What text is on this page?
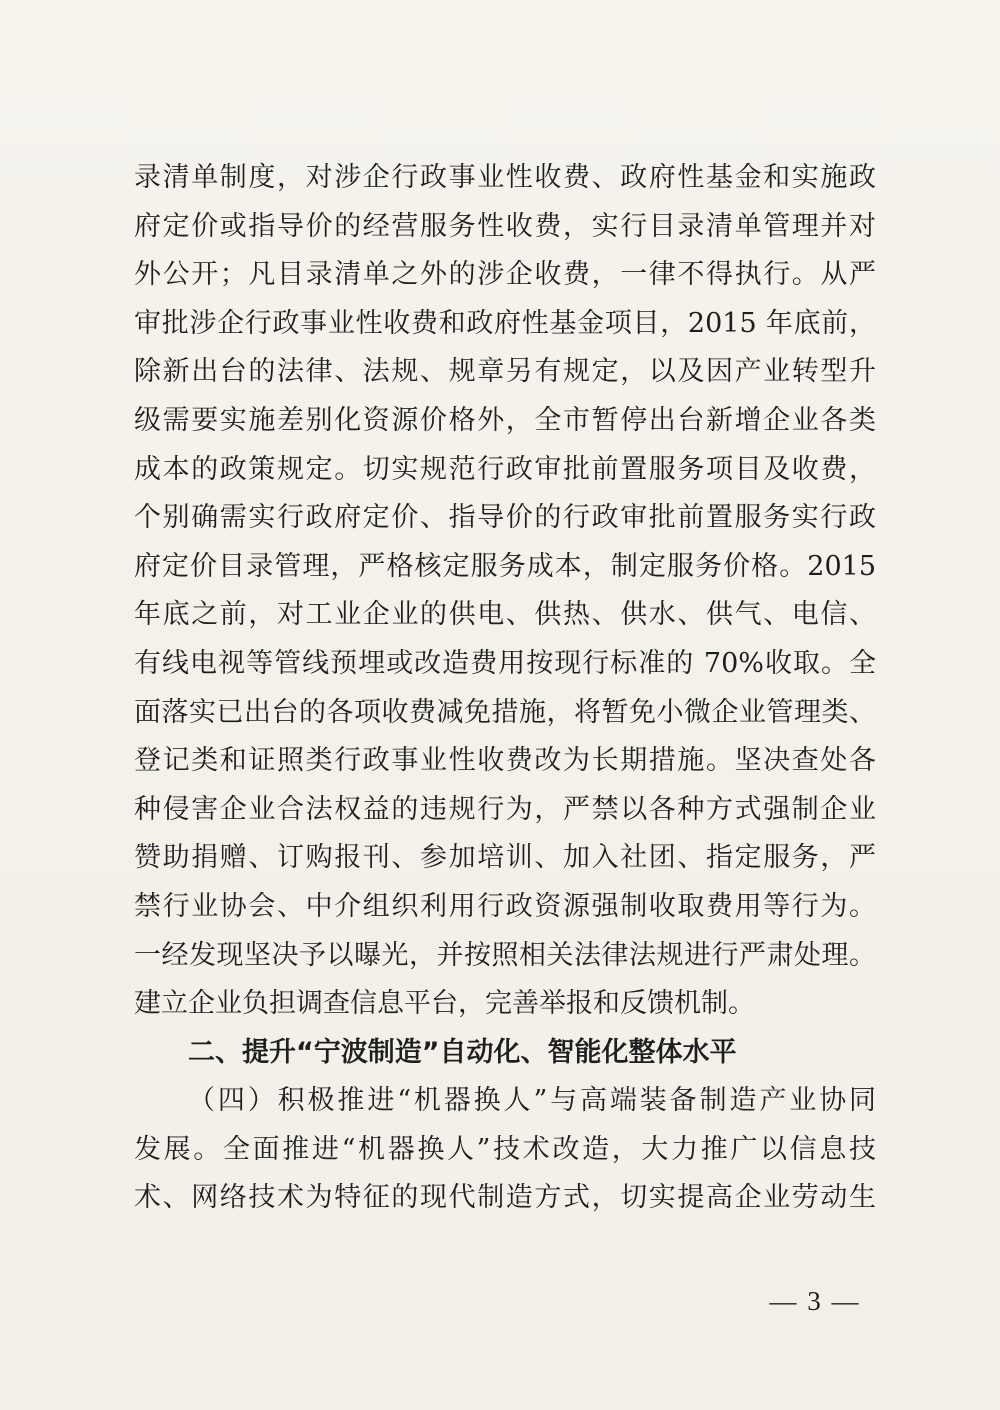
录清单制度，对涉企行政事业性收费、政府性基金和实施政
府定价或指导价的经营服务性收费，实行目录清单管理并对
外公开；凡目录清单之外的涉企收费，一律不得执行。从严
审批涉企行政事业性收费和政府性基金项目，2015 年底前，
除新出台的法律、法规、规章另有规定，以及因产业转型升
级需要实施差别化资源价格外，全市暂停出台新增企业各类
成本的政策规定。切实规范行政审批前置服务项目及收费，
个别确需实行政府定价、指导价的行政审批前置服务实行政
府定价目录管理，严格核定服务成本，制定服务价格。2015
年底之前，对工业企业的供电、供热、供水、供气、电信、
有线电视等管线预埋或改造费用按现行标准的 70%收取。全
面落实已出台的各项收费减免措施，将暂免小微企业管理类、
登记类和证照类行政事业性收费改为长期措施。坚决查处各
种侵害企业合法权益的违规行为，严禁以各种方式强制企业
赞助捐赠、订购报刊、参加培训、加入社团、指定服务，严
禁行业协会、中介组织利用行政资源强制收取费用等行为。
一经发现坚决予以曝光，并按照相关法律法规进行严肃处理。
建立企业负担调查信息平台，完善举报和反馈机制。
二、提升“宁波制造”自动化、智能化整体水平
（四）积极推进“机器换人”与高端装备制造产业协同
发展。全面推进“机器换人”技术改造，大力推广以信息技
术、网络技术为特征的现代制造方式，切实提高企业劳动生
— 3 —
